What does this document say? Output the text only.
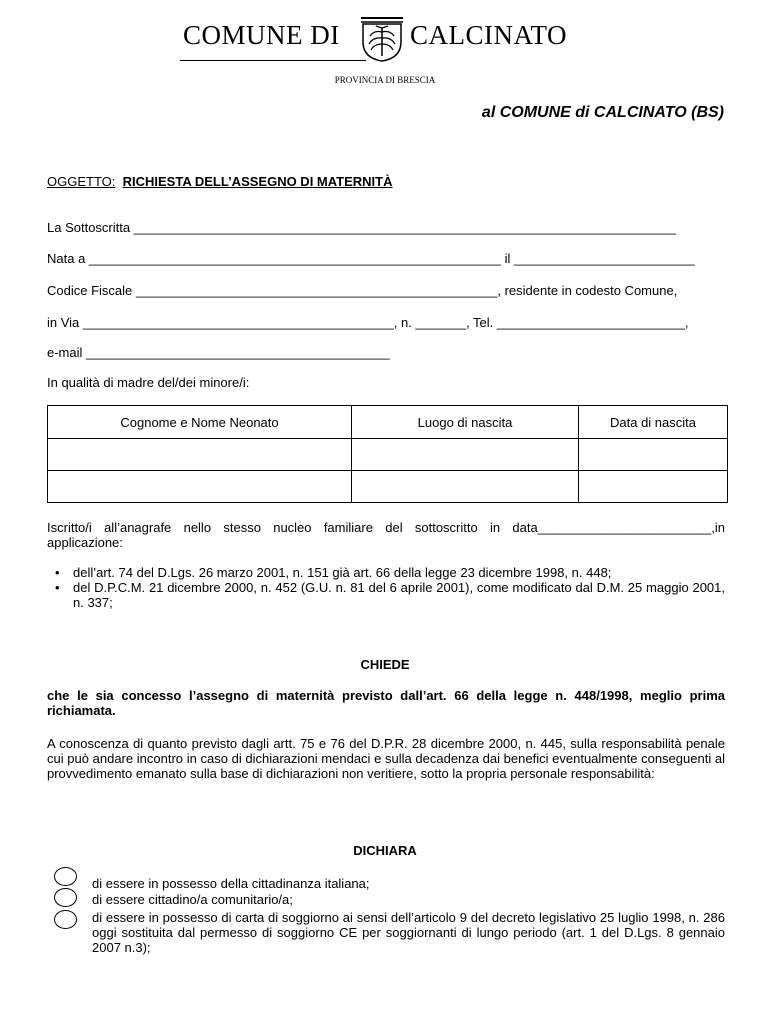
COMUNE DI	CALCINATO
PROVINCIA DI BRESCIA
al COMUNE di CALCINATO (BS)
OGGETTO: RICHIESTA DELL’ASSEGNO DI MATERNITÀ
La Sottoscritta ___________________________________________________________________________
Nata a _________________________________________________________ il _________________________
Codice Fiscale __________________________________________________, residente in codesto Comune,
in Via ___________________________________________, n. _______, Tel. __________________________,
e-mail __________________________________________
In qualità di madre del/dei minore/i:
Cognome e Nome Neonato	Luogo di nascita	Data di nascita

Iscritto/i all’anagrafe nello stesso nucleo familiare del sottoscritto in data________________________,in applicazione:
• dell’art. 74 del D.Lgs. 26 marzo 2001, n. 151 già art. 66 della legge 23 dicembre 1998, n. 448;
• del D.P.C.M. 21 dicembre 2000, n. 452 (G.U. n. 81 del 6 aprile 2001), come modificato dal D.M. 25 maggio 2001, n. 337;
CHIEDE
che le sia concesso l’assegno di maternità previsto dall’art. 66 della legge n. 448/1998, meglio prima richiamata.
A conoscenza di quanto previsto dagli artt. 75 e 76 del D.P.R. 28 dicembre 2000, n. 445, sulla responsabilità penale cui può andare incontro in caso di dichiarazioni mendaci e sulla decadenza dai benefici eventualmente conseguenti al provvedimento emanato sulla base di dichiarazioni non veritiere, sotto la propria personale responsabilità:
DICHIARA
di essere in possesso della cittadinanza italiana;
di essere cittadino/a comunitario/a;
di essere in possesso di carta di soggiorno ai sensi dell’articolo 9 del decreto legislativo 25 luglio 1998, n. 286 oggi sostituita dal permesso di soggiorno CE per soggiornanti di lungo periodo (art. 1 del D.Lgs. 8 gennaio 2007 n.3);
